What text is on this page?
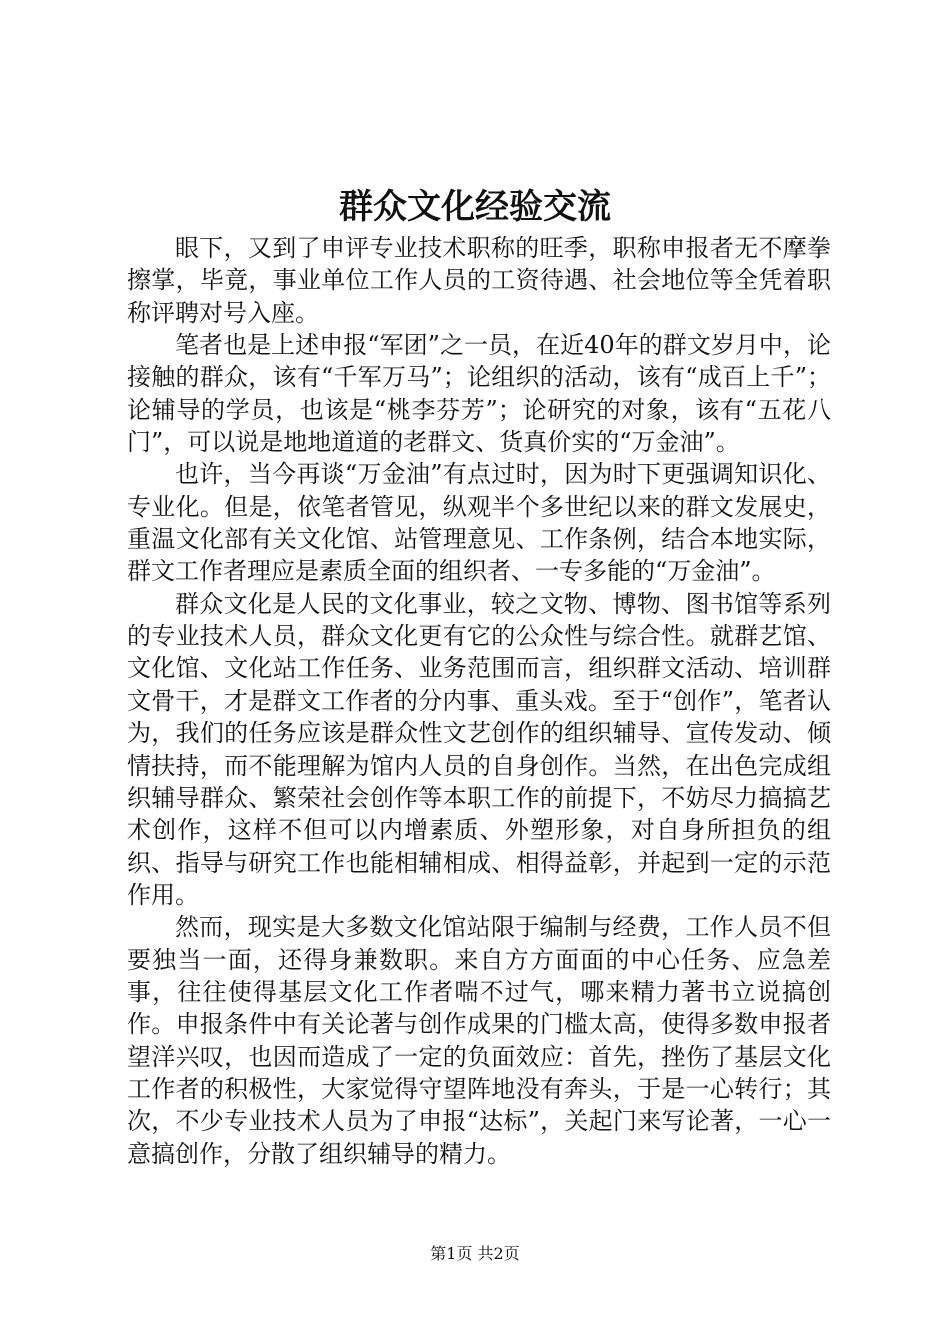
群众文化经验交流

眼下，又到了申评专业技术职称的旺季，职称申报者无不摩拳擦掌，毕竟，事业单位工作人员的工资待遇、社会地位等全凭着职称评聘对号入座。

笔者也是上述申报“军团”之一员，在近40年的群文岁月中，论接触的群众，该有“千军万马”；论组织的活动，该有“成百上千”；论辅导的学员，也该是“桃李芬芳”；论研究的对象，该有“五花八门”，可以说是地地道道的老群文、货真价实的“万金油”。

也许，当今再谈“万金油”有点过时，因为时下更强调知识化、专业化。但是，依笔者管见，纵观半个多世纪以来的群文发展史，重温文化部有关文化馆、站管理意见、工作条例，结合本地实际，群文工作者理应是素质全面的组织者、一专多能的“万金油”。

群众文化是人民的文化事业，较之文物、博物、图书馆等系列的专业技术人员，群众文化更有它的公众性与综合性。就群艺馆、文化馆、文化站工作任务、业务范围而言，组织群文活动、培训群文骨干，才是群文工作者的分内事、重头戏。至于“创作”，笔者认为，我们的任务应该是群众性文艺创作的组织辅导、宣传发动、倾情扶持，而不能理解为馆内人员的自身创作。当然，在出色完成组织辅导群众、繁荣社会创作等本职工作的前提下，不妨尽力搞搞艺术创作，这样不但可以内增素质、外塑形象，对自身所担负的组织、指导与研究工作也能相辅相成、相得益彰，并起到一定的示范作用。

然而，现实是大多数文化馆站限于编制与经费，工作人员不但要独当一面，还得身兼数职。来自方方面面的中心任务、应急差事，往往使得基层文化工作者喘不过气，哪来精力著书立说搞创作。申报条件中有关论著与创作成果的门槛太高，使得多数申报者望洋兴叹，也因而造成了一定的负面效应：首先，挫伤了基层文化工作者的积极性，大家觉得守望阵地没有奔头，于是一心转行；其次，不少专业技术人员为了申报“达标”，关起门来写论著，一心一意搞创作，分散了组织辅导的精力。

第1页 共2页
